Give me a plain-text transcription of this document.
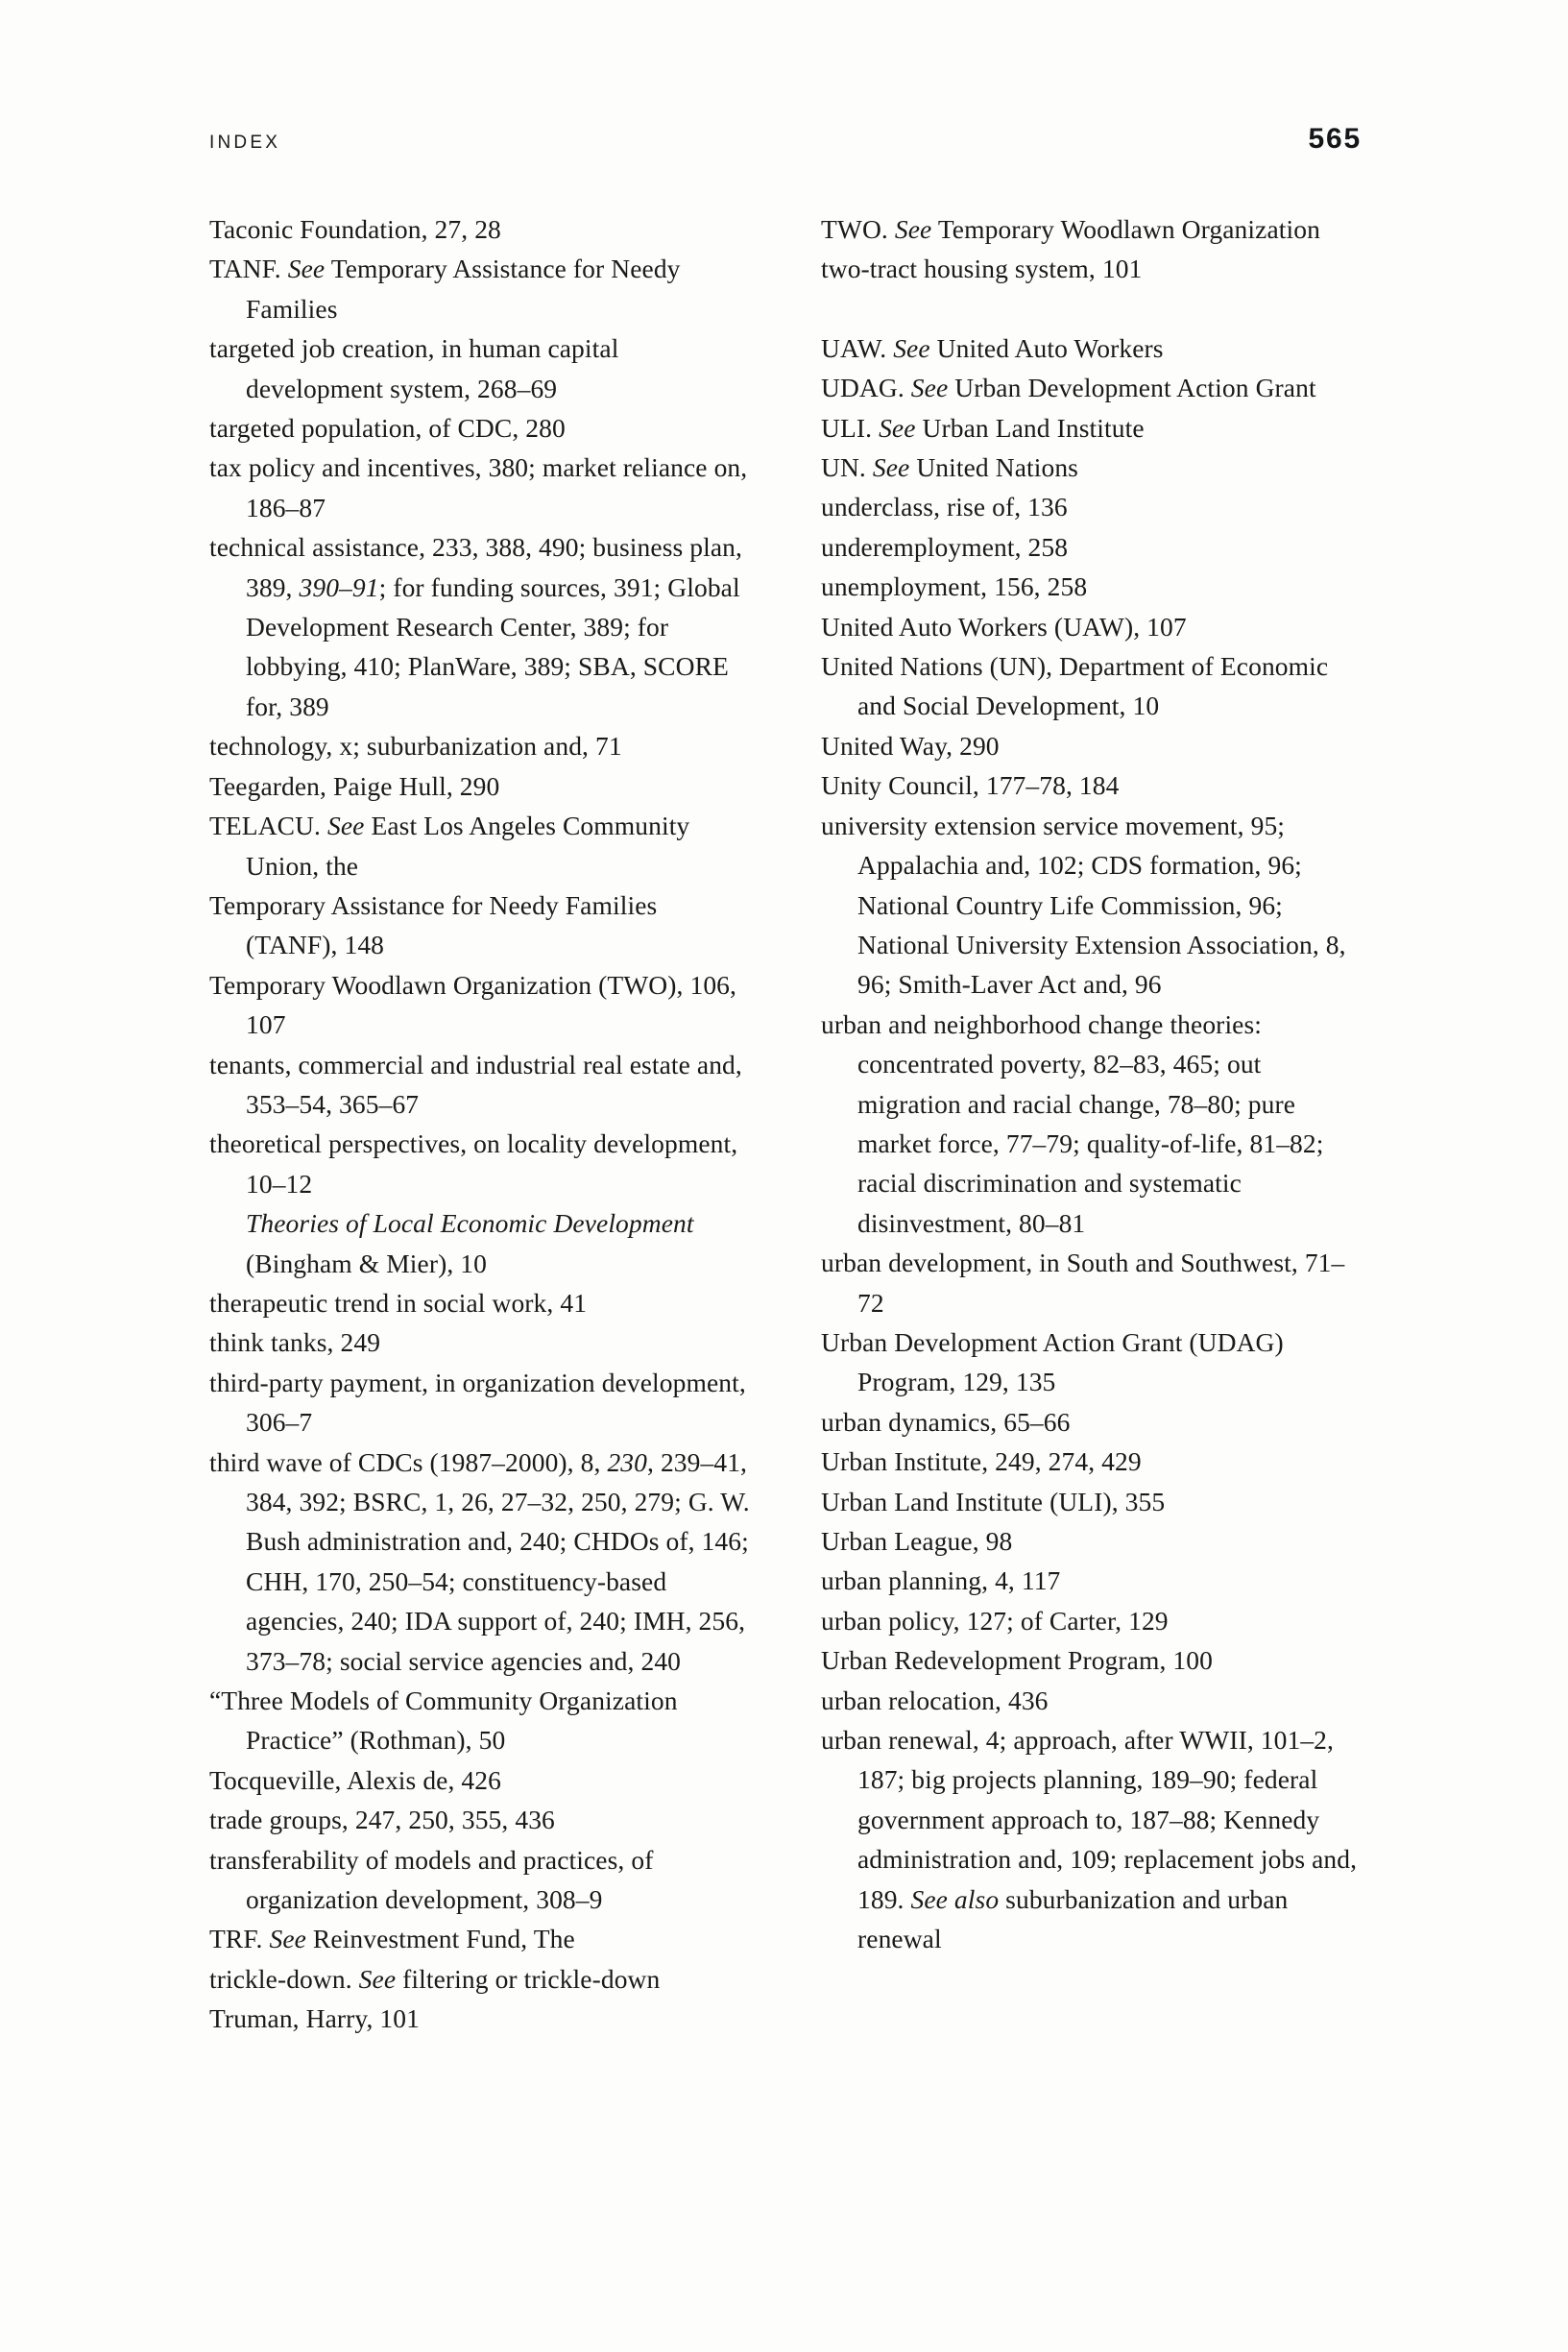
INDEX	565

Taconic Foundation, 27, 28

TANF. See Temporary Assistance for Needy Families

targeted job creation, in human capital development system, 268–69

targeted population, of CDC, 280

tax policy and incentives, 380; market reliance on, 186–87

technical assistance, 233, 388, 490; business plan, 389, 390–91; for funding sources, 391; Global Development Research Center, 389; for lobbying, 410; PlanWare, 389; SBA, SCORE for, 389

technology, x; suburbanization and, 71

Teegarden, Paige Hull, 290

TELACU. See East Los Angeles Community Union, the

Temporary Assistance for Needy Families (TANF), 148

Temporary Woodlawn Organization (TWO), 106, 107

tenants, commercial and industrial real estate and, 353–54, 365–67

theoretical perspectives, on locality development, 10–12

Theories of Local Economic Development (Bingham & Mier), 10

therapeutic trend in social work, 41

think tanks, 249

third-party payment, in organization development, 306–7

third wave of CDCs (1987–2000), 8, 230, 239–41, 384, 392; BSRC, 1, 26, 27–32, 250, 279; G. W. Bush administration and, 240; CHDOs of, 146; CHH, 170, 250–54; constituency-based agencies, 240; IDA support of, 240; IMH, 256, 373–78; social service agencies and, 240

“Three Models of Community Organization Practice” (Rothman), 50

Tocqueville, Alexis de, 426

trade groups, 247, 250, 355, 436

transferability of models and practices, of organization development, 308–9

TRF. See Reinvestment Fund, The

trickle-down. See filtering or trickle-down

Truman, Harry, 101

TWO. See Temporary Woodlawn Organization

two-tract housing system, 101

UAW. See United Auto Workers

UDAG. See Urban Development Action Grant

ULI. See Urban Land Institute

UN. See United Nations

underclass, rise of, 136

underemployment, 258

unemployment, 156, 258

United Auto Workers (UAW), 107

United Nations (UN), Department of Economic and Social Development, 10

United Way, 290

Unity Council, 177–78, 184

university extension service movement, 95; Appalachia and, 102; CDS formation, 96; National Country Life Commission, 96; National University Extension Association, 8, 96; Smith-Laver Act and, 96

urban and neighborhood change theories: concentrated poverty, 82–83, 465; out migration and racial change, 78–80; pure market force, 77–79; quality-of-life, 81–82; racial discrimination and systematic disinvestment, 80–81

urban development, in South and Southwest, 71–72

Urban Development Action Grant (UDAG) Program, 129, 135

urban dynamics, 65–66

Urban Institute, 249, 274, 429

Urban Land Institute (ULI), 355

Urban League, 98

urban planning, 4, 117

urban policy, 127; of Carter, 129

Urban Redevelopment Program, 100

urban relocation, 436

urban renewal, 4; approach, after WWII, 101–2, 187; big projects planning, 189–90; federal government approach to, 187–88; Kennedy administration and, 109; replacement jobs and, 189. See also suburbanization and urban renewal
